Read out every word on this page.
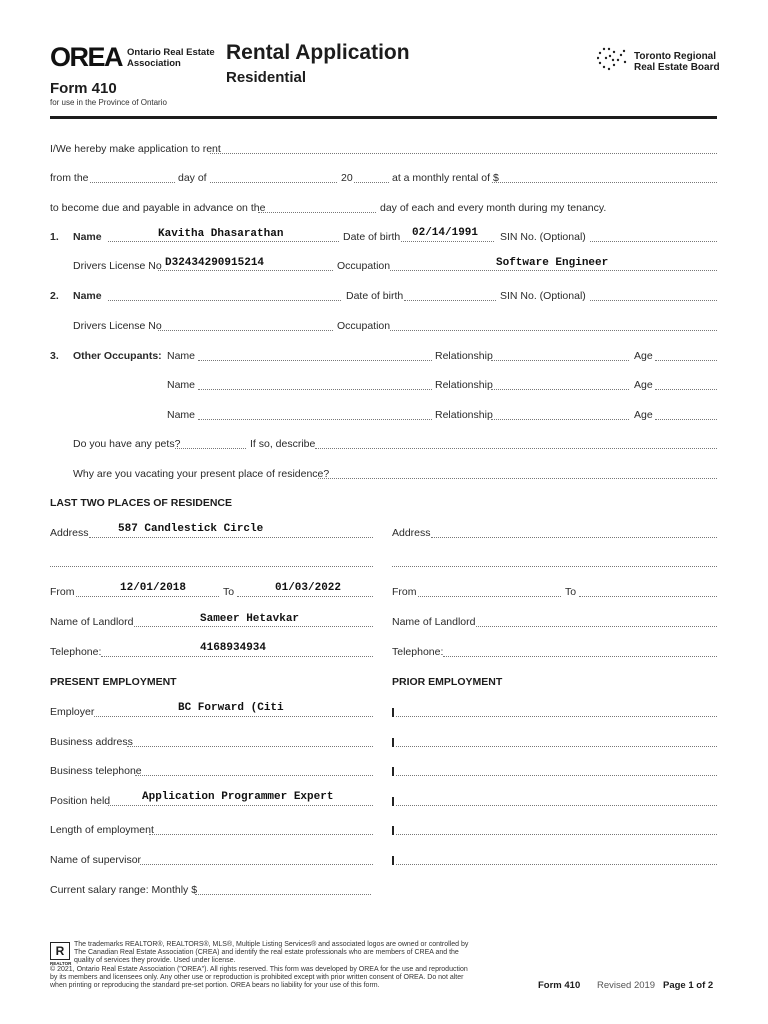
OREA Ontario Real Estate
Association
Form 410
for use in the Province of Ontario
Rental Application
Residential
Toronto Regional
Real Estate Board
I/We hereby make application to rent
from the	day of	20	at a monthly rental of $
to become due and payable in advance on the	day of each and every month during my tenancy.
1. Name	Kavitha Dhasarathan	Date of birth 02/14/1991 SIN No. (Optional)
Drivers License No D32434290915214	Occupation	Software Engineer
2. Name	Date of birth	SIN No. (Optional)
Drivers License No	Occupation
3. Other Occupants: Name	Relationship	Age
Name	Relationship	Age
Name	Relationship	Age
Do you have any pets?	If so, describe
Why are you vacating your present place of residence?
LAST TWO PLACES OF RESIDENCE
Address	587 Candlestick Circle	Address
From	12/01/2018	To	01/03/2022	From	To
Name of Landlord	Sameer Hetavkar	Name of Landlord
Telephone:	4168934934	Telephone:
PRESENT EMPLOYMENT	PRIOR EMPLOYMENT
Employer	BC Forward (Citi
Business address
Business telephone
Position held	Application Programmer Expert
Length of employment
Name of supervisor
Current salary range: Monthly $
R
REALTOR
The trademarks REALTOR®, REALTORS®, MLS®, Multiple Listing Services® and associated logos are owned or controlled by
The Canadian Real Estate Association (CREA) and identify the real estate professionals who are members of CREA and the
quality of services they provide. Used under license.
© 2021, Ontario Real Estate Association ("OREA"). All rights reserved. This form was developed by OREA for the use and reproduction
by its members and licensees only. Any other use or reproduction is prohibited except with prior written consent of OREA. Do not alter
when printing or reproducing the standard pre-set portion. OREA bears no liability for your use of this form.	Form 410 Revised 2019 Page 1 of 2
